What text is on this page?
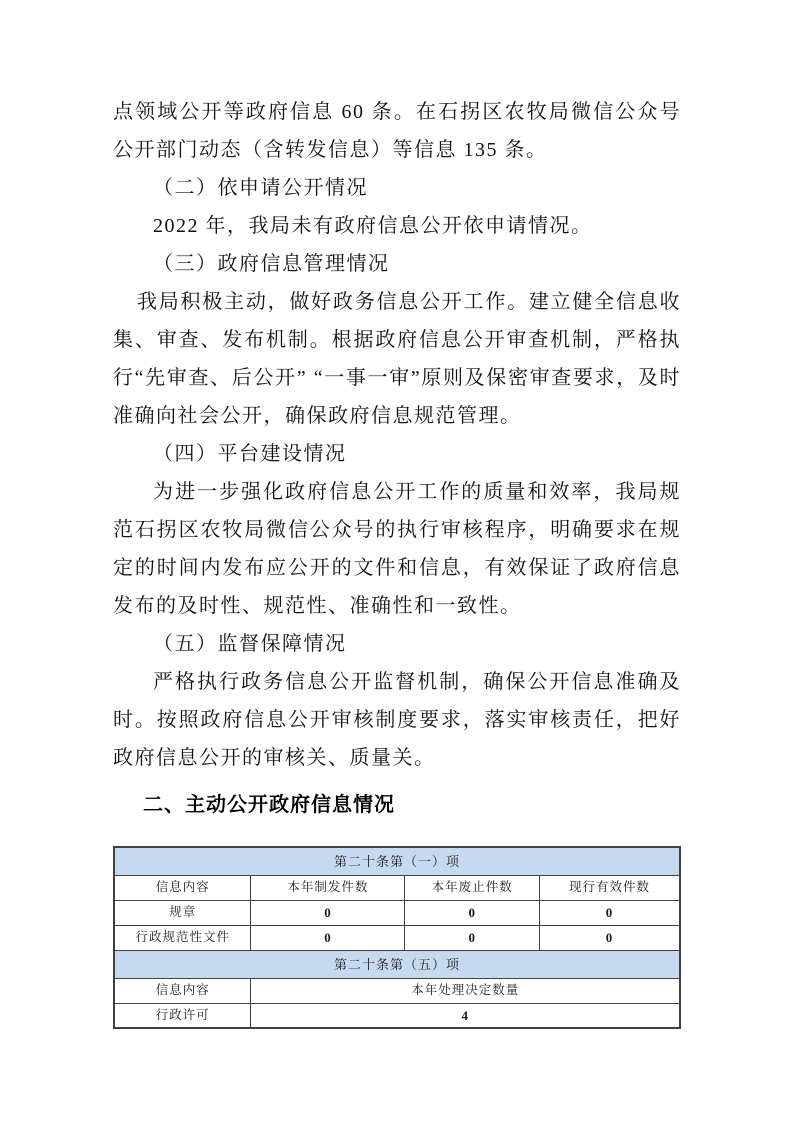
点领域公开等政府信息 60 条。在石拐区农牧局微信公众号公开部门动态（含转发信息）等信息 135 条。

（二）依申请公开情况

2022 年，我局未有政府信息公开依申请情况。

（三）政府信息管理情况

我局积极主动，做好政务信息公开工作。建立健全信息收集、审查、发布机制。根据政府信息公开审查机制，严格执行“先审查、后公开” “一事一审”原则及保密审查要求，及时准确向社会公开，确保政府信息规范管理。

（四）平台建设情况

为进一步强化政府信息公开工作的质量和效率，我局规范石拐区农牧局微信公众号的执行审核程序，明确要求在规定的时间内发布应公开的文件和信息，有效保证了政府信息发布的及时性、规范性、准确性和一致性。

（五）监督保障情况

严格执行政务信息公开监督机制，确保公开信息准确及时。按照政府信息公开审核制度要求，落实审核责任，把好政府信息公开的审核关、质量关。

二、主动公开政府信息情况
第二十条第（一）项			
信息内容	本年制发件数	本年废止件数	现行有效件数
规章	0	0	0
行政规范性文件	0	0	0
第二十条第（五）项			
信息内容	本年处理决定数量		
行政许可	4		
